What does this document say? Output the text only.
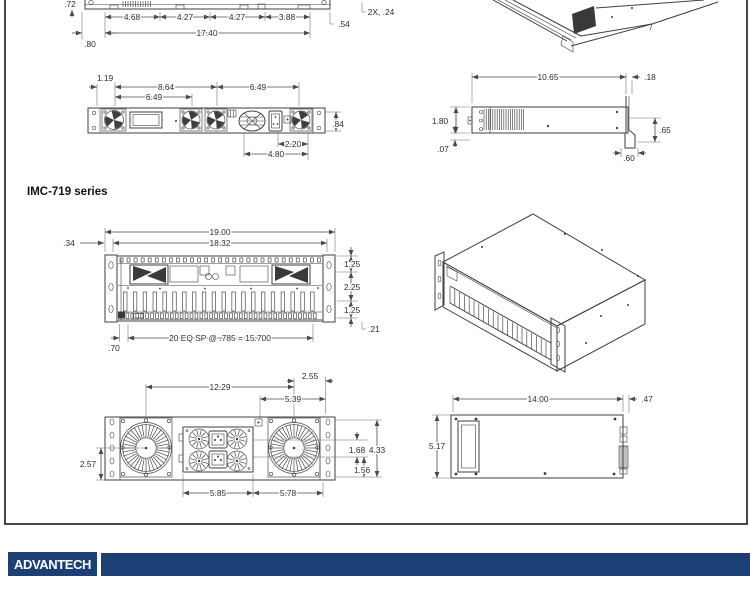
4.68	4.27	4.27	3.88
17.40
.80
.72
2X, .24
.54
1.19
8.64	6.49
6.49
.84
2.20
4.80
10.65	.18
1.80
.07
.65
.60
19.00
18.32
.34
1.25
2.25
1.25
.21
20 EQ SP @ .785 = 15.700
.70
12.29
2.55
5.39
2.57
1.68 4.33
1.56
5.85	5.78
14.00	.47
5.17
IMC-719 series
ADVANTECH
